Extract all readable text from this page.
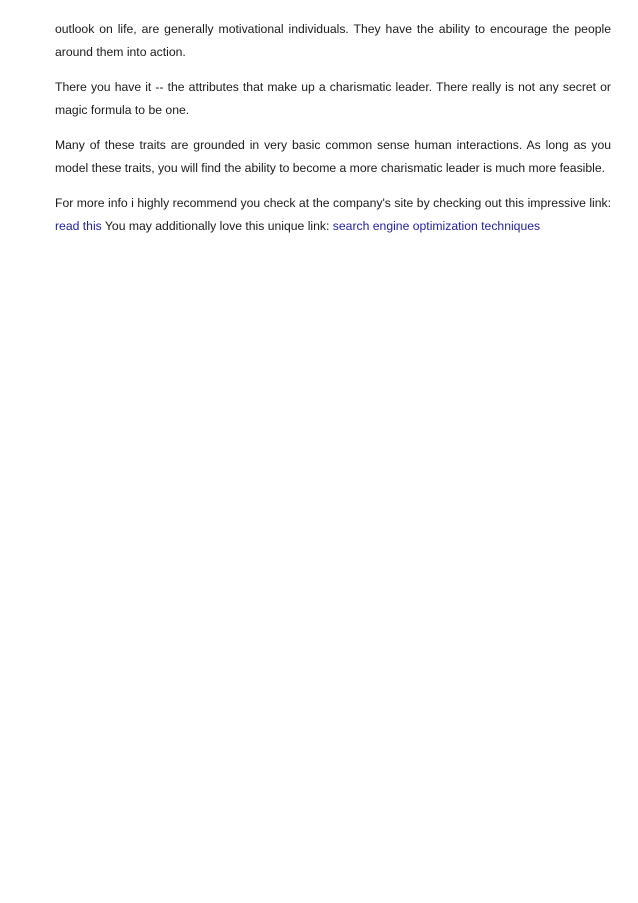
outlook on life, are generally motivational individuals. They have the ability to encourage the people around them into action.

There you have it -- the attributes that make up a charismatic leader. There really is not any secret or magic formula to be one.

Many of these traits are grounded in very basic common sense human interactions. As long as you model these traits, you will find the ability to become a more charismatic leader is much more feasible.

For more info i highly recommend you check at the company's site by checking out this impressive link: read this You may additionally love this unique link: search engine optimization techniques
